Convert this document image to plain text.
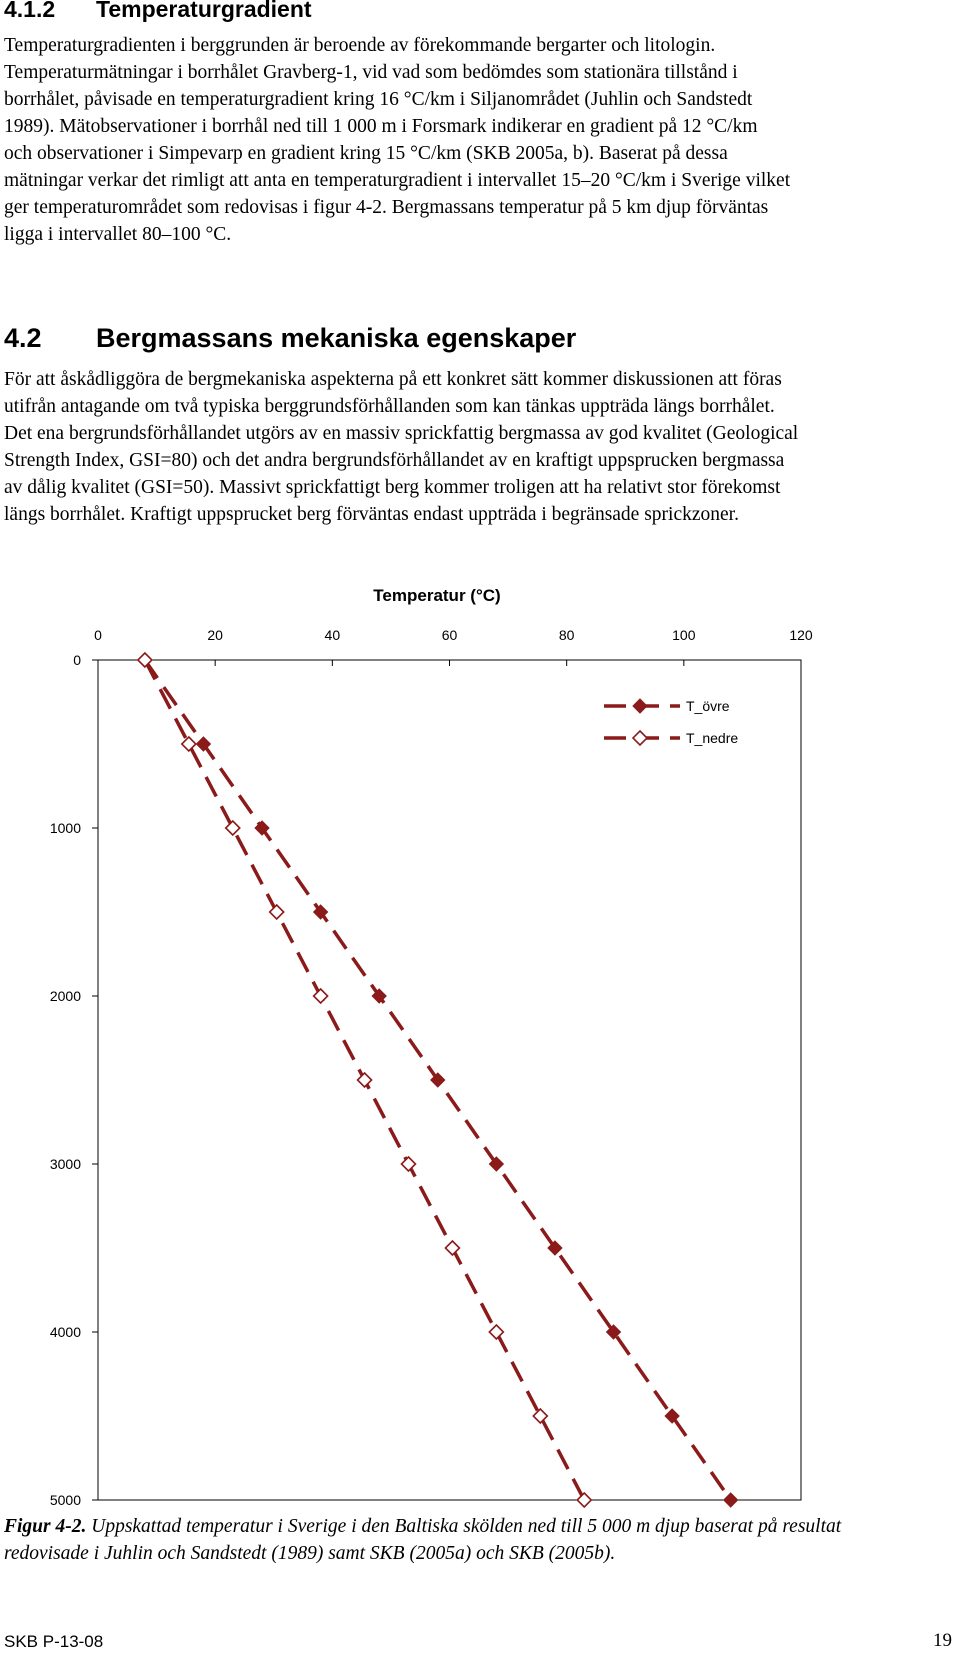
4.1.2 Temperaturgradient

Temperaturgradienten i berggrunden är beroende av förekommande bergarter och litologin.
Temperaturmätningar i borrhålet Gravberg-1, vid vad som bedömdes som stationära tillstånd i
borrhålet, påvisade en temperaturgradient kring 16 °C/km i Siljanområdet (Juhlin och Sandstedt
1989). Mätobservationer i borrhål ned till 1 000 m i Forsmark indikerar en gradient på 12 °C/km
och observationer i Simpevarp en gradient kring 15 °C/km (SKB 2005a, b). Baserat på dessa
mätningar verkar det rimligt att anta en temperaturgradient i intervallet 15–20 °C/km i Sverige vilket
ger temperaturområdet som redovisas i figur 4-2. Bergmassans temperatur på 5 km djup förväntas
ligga i intervallet 80–100 °C.

4.2 Bergmassans mekaniska egenskaper

För att åskådliggöra de bergmekaniska aspekterna på ett konkret sätt kommer diskussionen att föras
utifrån antagande om två typiska berggrundsförhållanden som kan tänkas uppträda längs borrhålet.
Det ena bergrundsförhållandet utgörs av en massiv sprickfattig bergmassa av god kvalitet (Geological
Strength Index, GSI=80) och det andra bergrundsförhållandet av en kraftigt uppsprucken bergmassa
av dålig kvalitet (GSI=50). Massivt sprickfattigt berg kommer troligen att ha relativt stor förekomst
längs borrhålet. Kraftigt uppsprucket berg förväntas endast uppträda i begränsade sprickzoner.

Temperatur (°C)
0	20	40	60	80	100	120
0
1000
2000
3000
4000
5000
T_övre
T_nedre

Figur 4-2. Uppskattad temperatur i Sverige i den Baltiska skölden ned till 5 000 m djup baserat på resultat
redovisade i Juhlin och Sandstedt (1989) samt SKB (2005a) och SKB (2005b).

SKB P-13-08	19
